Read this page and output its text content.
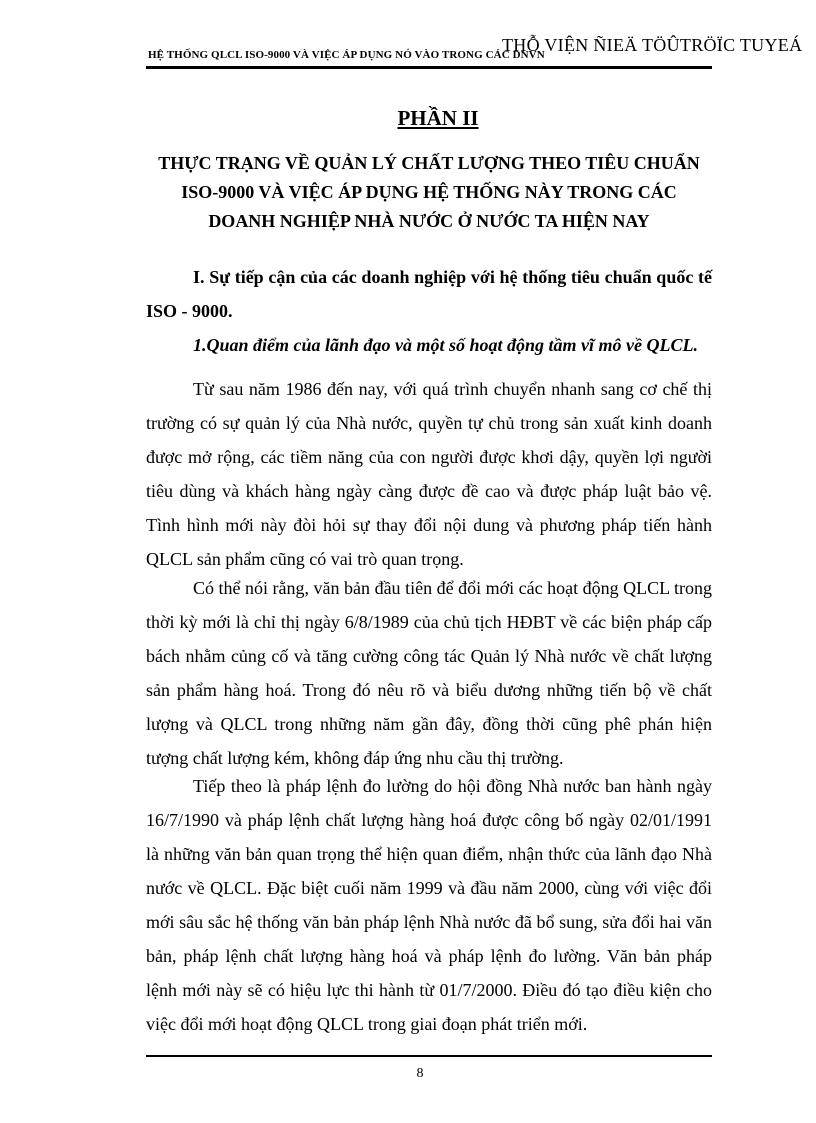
HỆ THỐNG QLCL ISO-9000 VÀ VIỆC ÁP DỤNG NÓ VÀO TRONG CÁC DNVN
THỖ VIỆN ÑIEÄ TÖÛTRÖÏC TUYEÁ
PHẦN II
THỰC TRẠNG VỀ QUẢN LÝ CHẤT LƯỢNG THEO TIÊU CHUẨN
ISO-9000 VÀ VIỆC ÁP DỤNG HỆ THỐNG NÀY TRONG CÁC
DOANH NGHIỆP NHÀ NƯỚC Ở NƯỚC TA HIỆN NAY
I. Sự tiếp cận của các doanh nghiệp với hệ thống tiêu chuẩn quốc tế ISO - 9000.
1.Quan điểm của lãnh đạo và một số hoạt động tầm vĩ mô về QLCL.
Từ sau năm 1986 đến nay, với quá trình chuyển nhanh sang cơ chế thị trường có sự quản lý của Nhà nước, quyền tự chủ trong sản xuất kinh doanh được mở rộng, các tiềm năng của con người được khơi dậy, quyền lợi người tiêu dùng và khách hàng ngày càng được đề cao và được pháp luật bảo vệ. Tình hình mới này đòi hỏi sự thay đổi nội dung và phương pháp tiến hành QLCL sản phẩm cũng có vai trò quan trọng.
Có thể nói rằng, văn bản đầu tiên để đổi mới các hoạt động QLCL trong thời kỳ mới là chỉ thị ngày 6/8/1989 của chủ tịch HĐBT về các biện pháp cấp bách nhằm củng cố và tăng cường công tác Quản lý Nhà nước về chất lượng sản phẩm hàng hoá. Trong đó nêu rõ và biểu dương những tiến bộ về chất lượng và QLCL trong những năm gần đây, đồng thời cũng phê phán hiện tượng chất lượng kém, không đáp ứng nhu cầu thị trường.
Tiếp theo là pháp lệnh đo lường do hội đồng Nhà nước ban hành ngày 16/7/1990 và pháp lệnh chất lượng hàng hoá được công bố ngày 02/01/1991 là những văn bản quan trọng thể hiện quan điểm, nhận thức của lãnh đạo Nhà nước về QLCL. Đặc biệt cuối năm 1999 và đầu năm 2000, cùng với việc đổi mới sâu sắc hệ thống văn bản pháp lệnh Nhà nước đã bổ sung, sửa đổi hai văn bản, pháp lệnh chất lượng hàng hoá và pháp lệnh đo lường. Văn bản pháp lệnh mới này sẽ có hiệu lực thi hành từ 01/7/2000. Điều đó tạo điều kiện cho việc đổi mới hoạt động QLCL trong giai đoạn phát triển mới.
8
